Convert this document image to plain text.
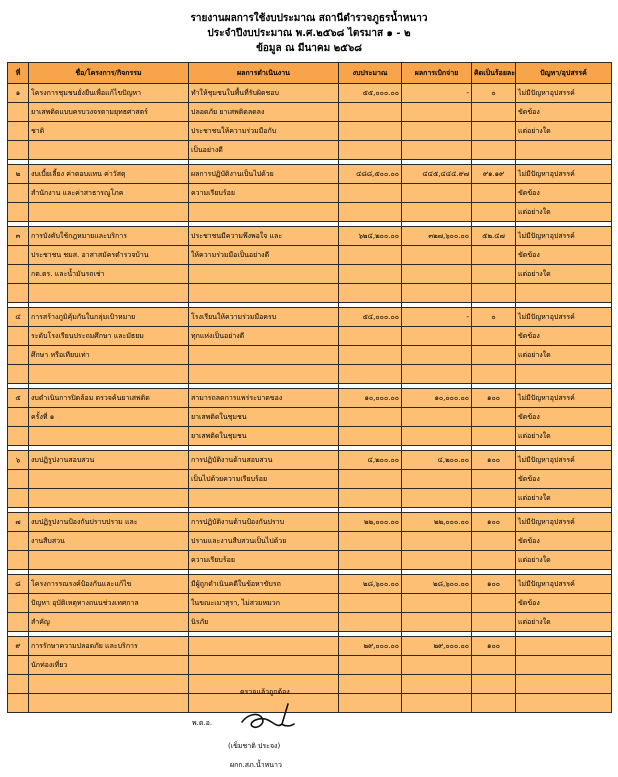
รายงานผลการใช้งบประมาณ สถานีตำรวจภูธรน้ำหนาว
ประจำปีงบประมาณ พ.ศ.๒๕๖๘ ไตรมาส ๑ - ๒
ข้อมูล ณ มีนาคม ๒๕๖๘
ที่	ชื่อ/โครงการ/กิจกรรม	ผลการดำเนินงาน	งบประมาณ	ผลการเบิกจ่าย	คิดเป็นร้อยละ	ปัญหา/อุปสรรค์
๑	โครงการชุมชนยั่งยืนเพื่อแก้ไขปัญหา	ทำให้ชุมชนในพื้นที่รับผิดชอบ	๕๕,๐๐๐.๐๐	-	๐	ไม่มีปัญหาอุปสรรค์
	ยาเสพติดแบบครบวงจรตามยุทธศาสตร์	ปลอดภัย ยาเสพติดลดลง				ขัดข้อง
	ชาติ	ประชาชนให้ความร่วมมือกับ				แต่อย่างใด
		เป็นอย่างดี				

๒	งบเบี้ยเลี้ยง ค่าตอบแทน ค่าวัสดุ	ผลการปฏิบัติงานเป็นไปด้วย	๔๘๘,๕๐๐.๐๐	๔๔๕,๔๔๔.๙๗	๙๑.๑๙	ไม่มีปัญหาอุปสรรค์
	สำนักงาน และค่าสาธารณูโภค	ความเรียบร้อย				ขัดข้อง
						แต่อย่างใด

๓	การบังคับใช้กฎหมายและบริการ	ประชาชนมีความพึงพอใจ และ	๖๒๔,๒๐๐.๐๐	๓๒๗,๖๐๐.๐๐	๕๒.๔๗	ไม่มีปัญหาอุปสรรค์
	ประชาชน ชมส. อาสาสมัครตำรวจบ้าน	ให้ความร่วมมือเป็นอย่างดี				ขัดข้อง
	กต.ตร. และน้ำมันรถเช่า					แต่อย่างใด

๔	การสร้างภูมิคุ้มกันในกลุ่มเป้าหมาย	โรงเรียนให้ความร่วมมือครบ	๕๔,๐๐๐.๐๐	-	๐	ไม่มีปัญหาอุปสรรค์
	ระดับโรงเรียนประถมศึกษา และมัธยม	ทุกแห่งเป็นอย่างดี				ขัดข้อง
	ศึกษา หรือเทียบเท่า					แต่อย่างใด

๕	งบดำเนินการปิดล้อม ตรวจค้นยาเสพติด	สามารถลดการแพร่ระบาดของ	๑๐,๐๐๐.๐๐	๑๐,๐๐๐.๐๐	๑๐๐	ไม่มีปัญหาอุปสรรค์
	ครั้งที่ ๑	ยาเสพติดในชุมชน				ขัดข้อง
		ยาเสพติดในชุมชน				แต่อย่างใด

๖	งบปฏิรูปงานสอบสวน	การปฏิบัติงานด้านสอบสวน	๔,๒๐๐.๐๐	๔,๒๐๐.๐๐	๑๐๐	ไม่มีปัญหาอุปสรรค์
		เป็นไปด้วยความเรียบร้อย				ขัดข้อง
						แต่อย่างใด

๗	งบปฏิรูปงานป้องกันปราบปราม และ	การปฏิบัติงานด้านป้องกันปราบ	๒๒,๐๐๐.๐๐	๒๒,๐๐๐.๐๐	๑๐๐	ไม่มีปัญหาอุปสรรค์
	งานสืบสวน	ปรามและงานสืบสวนเป็นไปด้วย				ขัดข้อง
		ความเรียบร้อย				แต่อย่างใด

๘	โครงการรณรงค์ป้องกันและแก้ไข	มีผู้ถูกดำเนินคดีในข้อหาขับรถ	๒๘,๖๐๐.๐๐	๒๘,๖๐๐.๐๐	๑๐๐	ไม่มีปัญหาอุปสรรค์
	ปัญหา อุบัติเหตุทางถนนช่วงเทศกาล	ในขณะเมาสุรา, ไม่สวมหมวก				ขัดข้อง
	สำคัญ	นิรภัย				แต่อย่างใด

๙	การรักษาความปลอดภัย และบริการ		๒๙,๐๐๐.๐๐	๒๙,๐๐๐.๐๐	๑๐๐	
	นักท่องเที่ยว					

ตรวจแล้วถูกต้อง
พ.ต.อ.
(เข็มชาติ ประจง)
ผกก.สภ.น้ำหนาว
